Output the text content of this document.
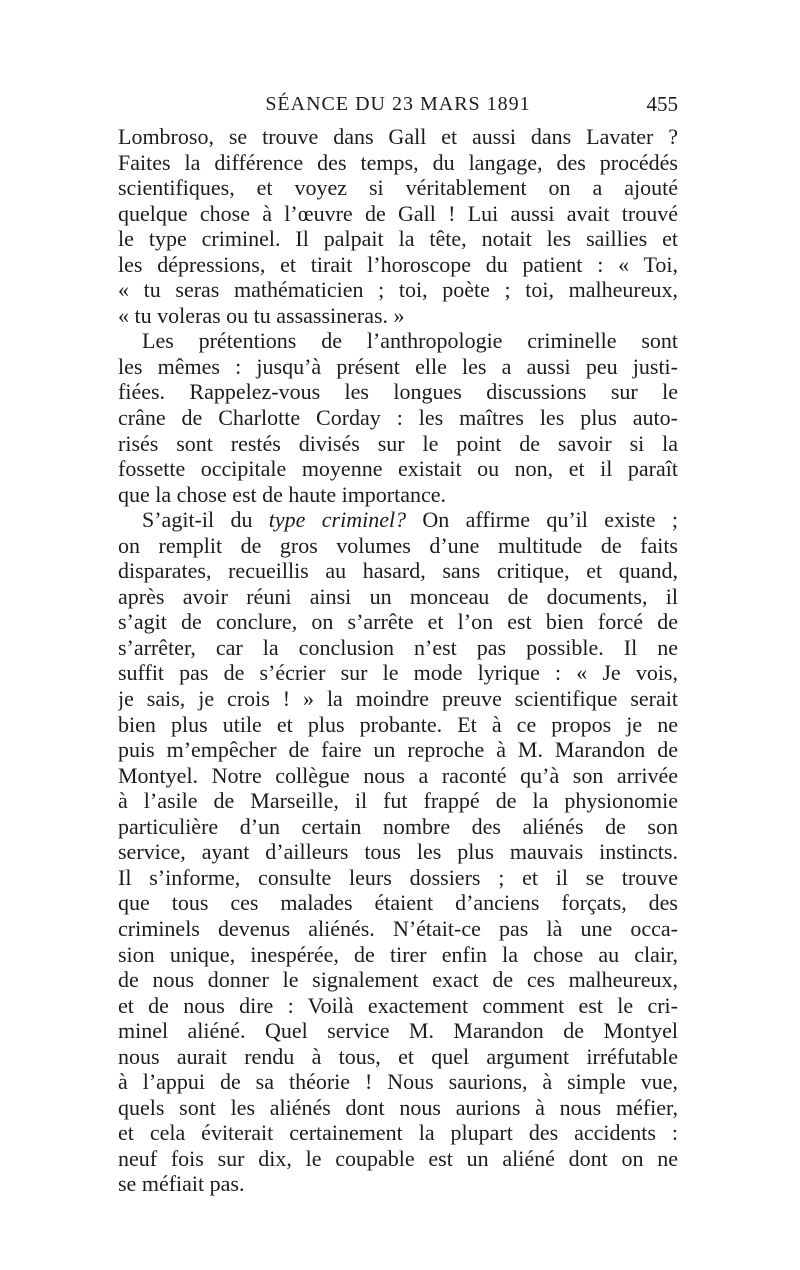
SÉANCE DU 23 MARS 1891	455
Lombroso, se trouve dans Gall et aussi dans Lavater ?
Faites la différence des temps, du langage, des procédés
scientifiques, et voyez si véritablement on a ajouté
quelque chose à l’œuvre de Gall ! Lui aussi avait trouvé
le type criminel. Il palpait la tête, notait les saillies et
les dépressions, et tirait l’horoscope du patient : « Toi,
« tu seras mathématicien ; toi, poète ; toi, malheureux,
« tu voleras ou tu assassineras. »
Les prétentions de l’anthropologie criminelle sont
les mêmes : jusqu’à présent elle les a aussi peu justi-
fiées. Rappelez-vous les longues discussions sur le
crâne de Charlotte Corday : les maîtres les plus auto-
risés sont restés divisés sur le point de savoir si la
fossette occipitale moyenne existait ou non, et il paraît
que la chose est de haute importance.
S’agit-il du type criminel? On affirme qu’il existe ;
on remplit de gros volumes d’une multitude de faits
disparates, recueillis au hasard, sans critique, et quand,
après avoir réuni ainsi un monceau de documents, il
s’agit de conclure, on s’arrête et l’on est bien forcé de
s’arrêter, car la conclusion n’est pas possible. Il ne
suffit pas de s’écrier sur le mode lyrique : « Je vois,
je sais, je crois ! » la moindre preuve scientifique serait
bien plus utile et plus probante. Et à ce propos je ne
puis m’empêcher de faire un reproche à M. Marandon de
Montyel. Notre collègue nous a raconté qu’à son arrivée
à l’asile de Marseille, il fut frappé de la physionomie
particulière d’un certain nombre des aliénés de son
service, ayant d’ailleurs tous les plus mauvais instincts.
Il s’informe, consulte leurs dossiers ; et il se trouve
que tous ces malades étaient d’anciens forçats, des
criminels devenus aliénés. N’était-ce pas là une occa-
sion unique, inespérée, de tirer enfin la chose au clair,
de nous donner le signalement exact de ces malheureux,
et de nous dire : Voilà exactement comment est le cri-
minel aliéné. Quel service M. Marandon de Montyel
nous aurait rendu à tous, et quel argument irréfutable
à l’appui de sa théorie ! Nous saurions, à simple vue,
quels sont les aliénés dont nous aurions à nous méfier,
et cela éviterait certainement la plupart des accidents :
neuf fois sur dix, le coupable est un aliéné dont on ne
se méfiait pas.
